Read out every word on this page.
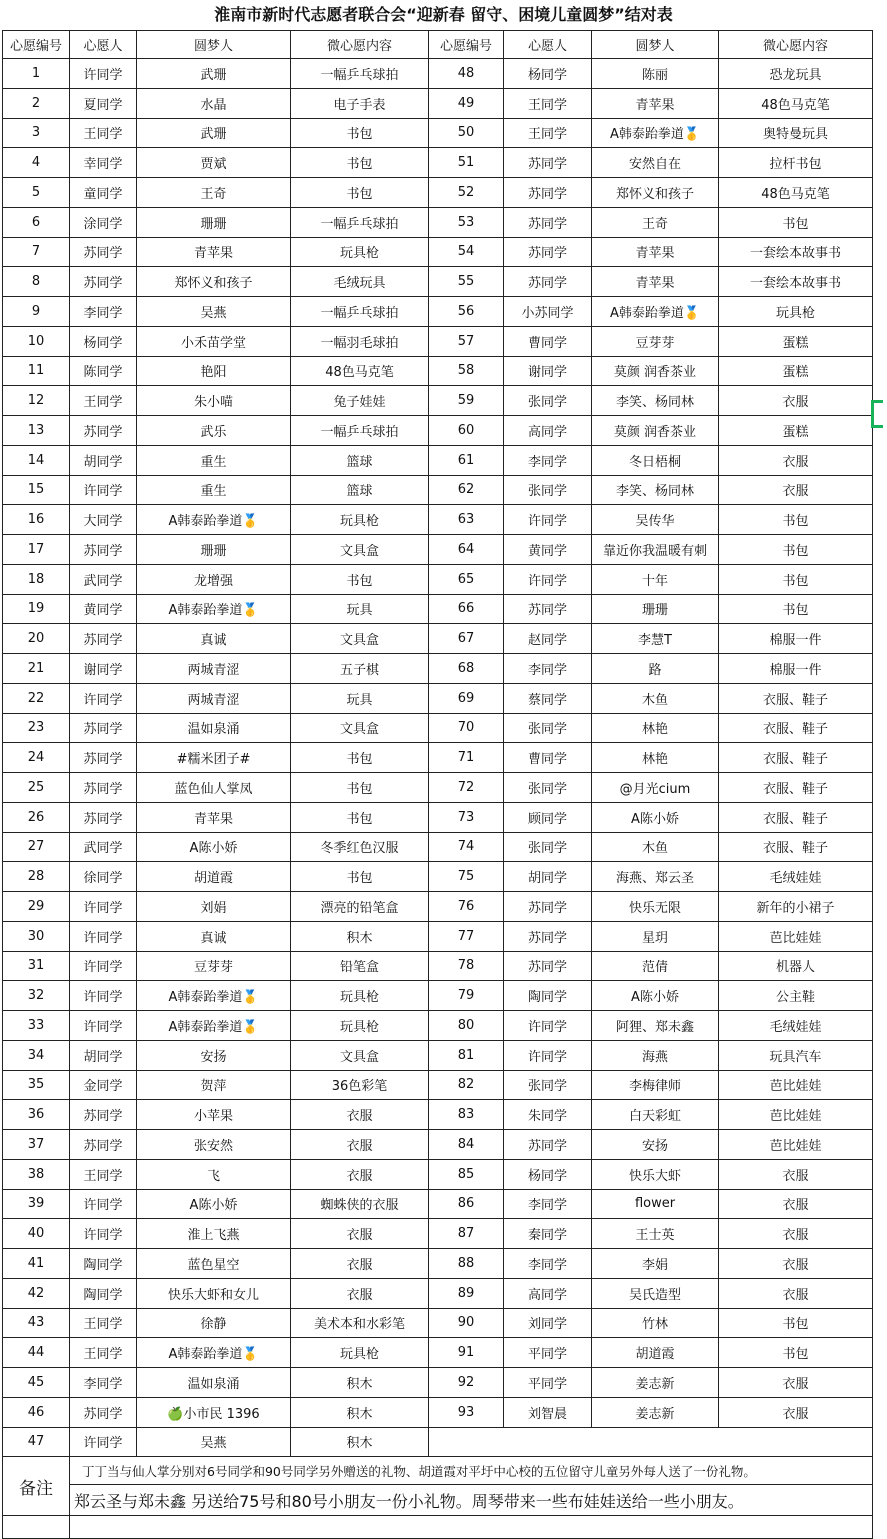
淮南市新时代志愿者联合会“迎新春 留守、困境儿童圆梦”结对表
心愿编号	心愿人	圆梦人	微心愿内容	心愿编号	心愿人	圆梦人	微心愿内容
1	许同学	武珊	一幅乒乓球拍	48	杨同学	陈丽	恐龙玩具
2	夏同学	水晶	电子手表	49	王同学	青苹果	48色马克笔
3	王同学	武珊	书包	50	王同学	A韩泰跆拳道🥇	奥特曼玩具
4	幸同学	贾斌	书包	51	苏同学	安然自在	拉杆书包
5	童同学	王奇	书包	52	苏同学	郑怀义和孩子	48色马克笔
6	涂同学	珊珊	一幅乒乓球拍	53	苏同学	王奇	书包
7	苏同学	青苹果	玩具枪	54	苏同学	青苹果	一套绘本故事书
8	苏同学	郑怀义和孩子	毛绒玩具	55	苏同学	青苹果	一套绘本故事书
9	李同学	吴燕	一幅乒乓球拍	56	小苏同学	A韩泰跆拳道🥇	玩具枪
10	杨同学	小禾苗学堂	一幅羽毛球拍	57	曹同学	豆芽芽	蛋糕
11	陈同学	艳阳	48色马克笔	58	谢同学	莫颜 润香茶业	蛋糕
12	王同学	朱小喵	兔子娃娃	59	张同学	李笑、杨同林	衣服
13	苏同学	武乐	一幅乒乓球拍	60	高同学	莫颜 润香茶业	蛋糕
14	胡同学	重生	篮球	61	李同学	冬日梧桐	衣服
15	许同学	重生	篮球	62	张同学	李笑、杨同林	衣服
16	大同学	A韩泰跆拳道🥇	玩具枪	63	许同学	吴传华	书包
17	苏同学	珊珊	文具盒	64	黄同学	靠近你我温暖有刺	书包
18	武同学	龙增强	书包	65	许同学	十年	书包
19	黄同学	A韩泰跆拳道🥇	玩具	66	苏同学	珊珊	书包
20	苏同学	真诚	文具盒	67	赵同学	李慧T	棉服一件
21	谢同学	两城青涩	五子棋	68	李同学	路	棉服一件
22	许同学	两城青涩	玩具	69	蔡同学	木鱼	衣服、鞋子
23	苏同学	温如泉涌	文具盒	70	张同学	林艳	衣服、鞋子
24	苏同学	#糯米团子#	书包	71	曹同学	林艳	衣服、鞋子
25	苏同学	蓝色仙人掌凤	书包	72	张同学	@月光cium	衣服、鞋子
26	苏同学	青苹果	书包	73	顾同学	A陈小娇	衣服、鞋子
27	武同学	A陈小娇	冬季红色汉服	74	张同学	木鱼	衣服、鞋子
28	徐同学	胡道霞	书包	75	胡同学	海燕、郑云圣	毛绒娃娃
29	许同学	刘娟	漂亮的铅笔盒	76	苏同学	快乐无限	新年的小裙子
30	许同学	真诚	积木	77	苏同学	星玥	芭比娃娃
31	许同学	豆芽芽	铅笔盒	78	苏同学	范倩	机器人
32	许同学	A韩泰跆拳道🥇	玩具枪	79	陶同学	A陈小娇	公主鞋
33	许同学	A韩泰跆拳道🥇	玩具枪	80	许同学	阿狸、郑未鑫	毛绒娃娃
34	胡同学	安扬	文具盒	81	许同学	海燕	玩具汽车
35	金同学	贺萍	36色彩笔	82	张同学	李梅律师	芭比娃娃
36	苏同学	小苹果	衣服	83	朱同学	白天彩虹	芭比娃娃
37	苏同学	张安然	衣服	84	苏同学	安扬	芭比娃娃
38	王同学	飞	衣服	85	杨同学	快乐大虾	衣服
39	许同学	A陈小娇	蜘蛛侠的衣服	86	李同学	flower	衣服
40	许同学	淮上飞燕	衣服	87	秦同学	王士英	衣服
41	陶同学	蓝色星空	衣服	88	李同学	李娟	衣服
42	陶同学	快乐大虾和女儿	衣服	89	高同学	吴氏造型	衣服
43	王同学	徐静	美术本和水彩笔	90	刘同学	竹林	书包
44	王同学	A韩泰跆拳道🥇	玩具枪	91	平同学	胡道霞	书包
45	李同学	温如泉涌	积木	92	平同学	姜志新	衣服
46	苏同学	🍏小市民 1396	积木	93	刘智晨	姜志新	衣服
47	许同学	吴燕	积木				
备注	丁丁当与仙人掌分别对6号同学和90号同学另外赠送的礼物、胡道霞对平圩中心校的五位留守儿童另外每人送了一份礼物。						
	郑云圣与郑未鑫 另送给75号和80号小朋友一份小礼物。周琴带来一些布娃娃送给一些小朋友。						
